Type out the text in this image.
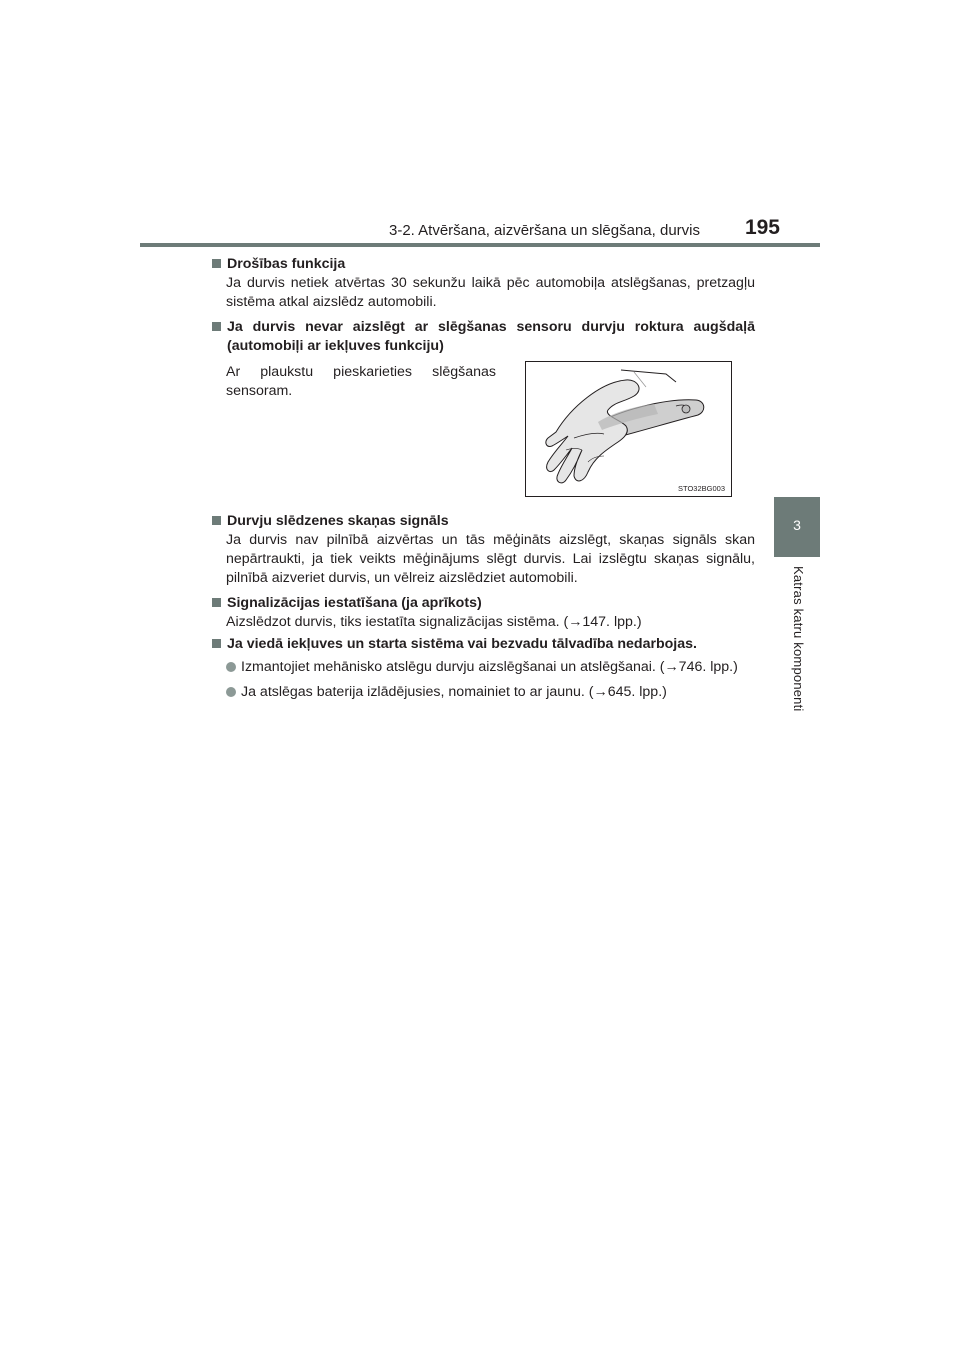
3-2. Atvēršana, aizvēršana un slēgšana, durvis 195
3
Katras katru komponenti
Drošības funkcija
Ja durvis netiek atvērtas 30 sekunžu laikā pēc automobiļa atslēgšanas, pretzagļu sistēma atkal aizslēdz automobili.
Ja durvis nevar aizslēgt ar slēgšanas sensoru durvju roktura augšdaļā (automobiļi ar iekļuves funkciju)
Ar plaukstu pieskarieties slēgšanas sensoram.
Durvju slēdzenes skaņas signāls
Ja durvis nav pilnībā aizvērtas un tās mēģināts aizslēgt, skaņas signāls skan nepārtraukti, ja tiek veikts mēģinājums slēgt durvis. Lai izslēgtu skaņas signālu, pilnībā aizveriet durvis, un vēlreiz aizslēdziet automobili.
Signalizācijas iestatīšana (ja aprīkots)
Aizslēdzot durvis, tiks iestatīta signalizācijas sistēma. (→147. lpp.)
Ja viedā iekļuves un starta sistēma vai bezvadu tālvadība nedarbojas.
Izmantojiet mehānisko atslēgu durvju aizslēgšanai un atslēgšanai. (→746. lpp.)
Ja atslēgas baterija izlādējusies, nomainiet to ar jaunu. (→645. lpp.)
STO32BG003
